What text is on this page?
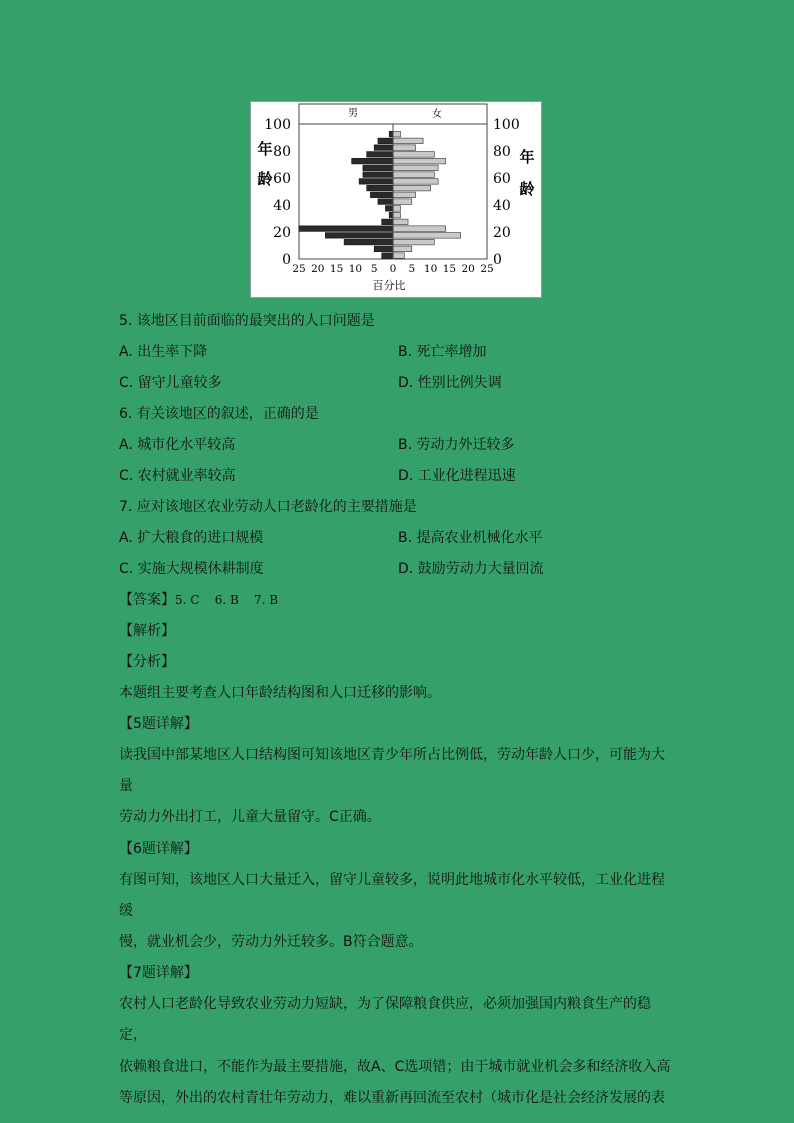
男	女
0	0
20	20
40	40
60	60
80	80
100	100
年
龄
年
龄
25 20 15 10 5 0 5 10 15 20 25
百分比
5. 该地区目前面临的最突出的人口问题是
A. 出生率下降	B. 死亡率增加
C. 留守儿童较多	D. 性别比例失调
6. 有关该地区的叙述，正确的是
A. 城市化水平较高	B. 劳动力外迁较多
C. 农村就业率较高	D. 工业化进程迅速
7. 应对该地区农业劳动人口老龄化的主要措施是
A. 扩大粮食的进口规模	B. 提高农业机械化水平
C. 实施大规模休耕制度	D. 鼓励劳动力大量回流
【答案】5. C    6. B    7. B
【解析】
【分析】
本题组主要考查人口年龄结构图和人口迁移的影响。
【5题详解】
读我国中部某地区人口结构图可知该地区青少年所占比例低，劳动年龄人口少，可能为大量
劳动力外出打工，儿童大量留守。C正确。
【6题详解】
有图可知，该地区人口大量迁入，留守儿童较多，说明此地城市化水平较低，工业化进程缓
慢，就业机会少，劳动力外迁较多。B符合题意。
【7题详解】
农村人口老龄化导致农业劳动力短缺，为了保障粮食供应，必须加强国内粮食生产的稳定，
依赖粮食进口，不能作为最主要措施，故A、C选项错；由于城市就业机会多和经济收入高
等原因，外出的农村青壮年劳动力，难以重新再回流至农村（城市化是社会经济发展的表
